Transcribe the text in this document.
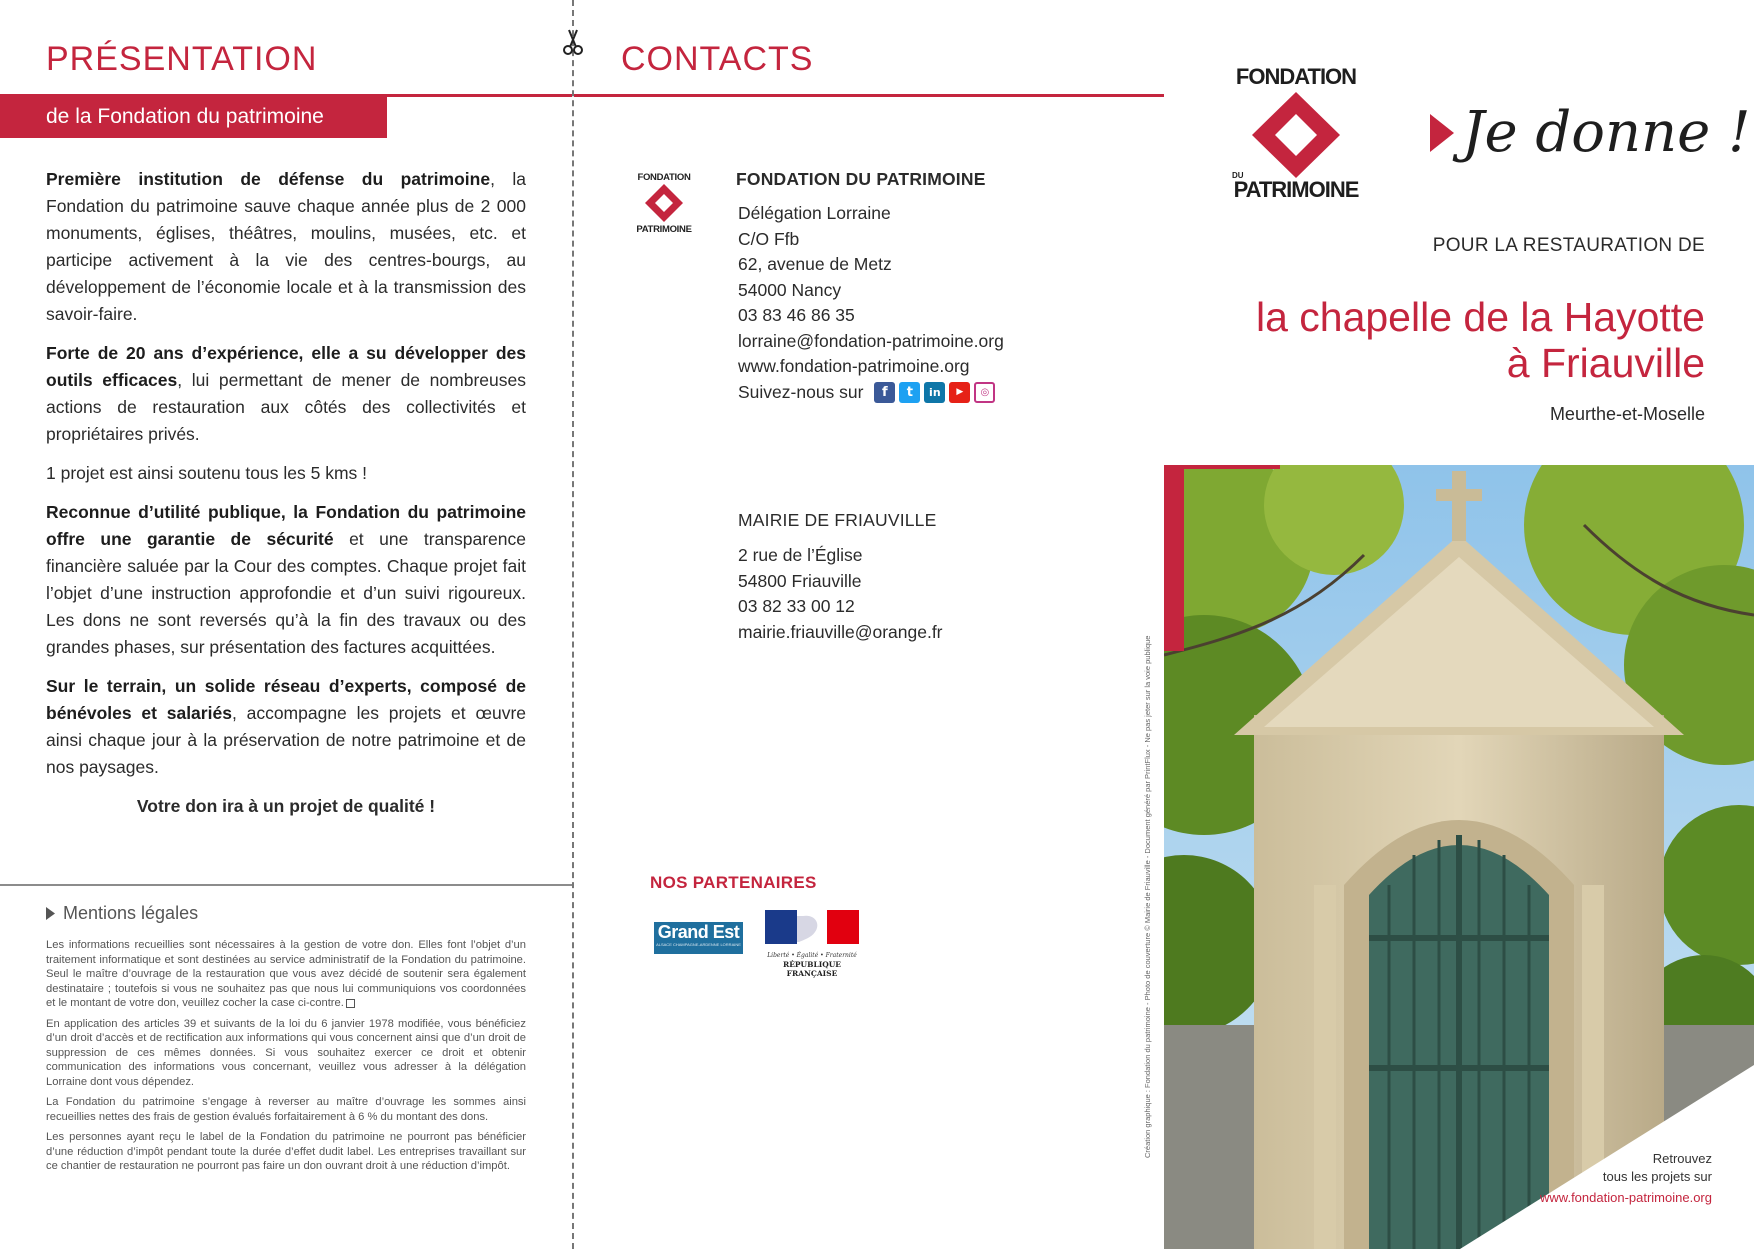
PRÉSENTATION
de la Fondation du patrimoine

Première institution de défense du patrimoine, la Fondation du patrimoine sauve chaque année plus de 2 000 monuments, églises, théâtres, moulins, musées, etc. et participe activement à la vie des centres-bourgs, au développement de l’économie locale et à la transmission des savoir-faire.

Forte de 20 ans d’expérience, elle a su développer des outils efficaces, lui permettant de mener de nombreuses actions de restauration aux côtés des collectivités et propriétaires privés.

1 projet est ainsi soutenu tous les 5 kms !

Reconnue d’utilité publique, la Fondation du patrimoine offre une garantie de sécurité et une transparence financière saluée par la Cour des comptes. Chaque projet fait l’objet d’une instruction approfondie et d’un suivi rigoureux. Les dons ne sont reversés qu’à la fin des travaux ou des grandes phases, sur présentation des factures acquittées.

Sur le terrain, un solide réseau d’experts, composé de bénévoles et salariés, accompagne les projets et œuvre ainsi chaque jour à la préservation de notre patrimoine et de nos paysages.

Votre don ira à un projet de qualité !

Mentions légales

Les informations recueillies sont nécessaires à la gestion de votre don. Elles font l’objet d’un traitement informatique et sont destinées au service administratif de la Fondation du patrimoine. Seul le maître d’ouvrage de la restauration que vous avez décidé de soutenir sera également destinataire ; toutefois si vous ne souhaitez pas que nous lui communiquions vos coordonnées et le montant de votre don, veuillez cocher la case ci-contre.

En application des articles 39 et suivants de la loi du 6 janvier 1978 modifiée, vous bénéficiez d’un droit d’accès et de rectification aux informations qui vous concernent ainsi que d’un droit de suppression de ces mêmes données. Si vous souhaitez exercer ce droit et obtenir communication des informations vous concernant, veuillez vous adresser à la délégation Lorraine dont vous dépendez.

La Fondation du patrimoine s’engage à reverser au maître d’ouvrage les sommes ainsi recueillies nettes des frais de gestion évalués forfaitairement à 6 % du montant des dons.

Les personnes ayant reçu le label de la Fondation du patrimoine ne pourront pas bénéficier d’une réduction d’impôt pendant toute la durée d’effet dudit label. Les entreprises travaillant sur ce chantier de restauration ne pourront pas faire un don ouvrant droit à une réduction d’impôt.

CONTACTS
FONDATION
PATRIMOINE
FONDATION DU PATRIMOINE
Délégation Lorraine
C/O Ffb
62, avenue de Metz
54000 Nancy
03 83 46 86 35
lorraine@fondation-patrimoine.org
www.fondation-patrimoine.org
Suivez-nous sur	f	t	in	▶	◎
MAIRIE DE FRIAUVILLE
2 rue de l’Église
54800 Friauville
03 82 33 00 12
mairie.friauville@orange.fr
NOS PARTENAIRES
Grand Est
ALSACE CHAMPAGNE-ARDENNE LORRAINE
Liberté • Égalité • Fraternité
RÉPUBLIQUE FRANÇAISE
FONDATION
DU
PATRIMOINE
Je donne !
POUR LA RESTAURATION DE
la chapelle de la Hayotte
à Friauville
Meurthe-et-Moselle
Création graphique : Fondation du patrimoine - Photo de couverture © Mairie de Friauville - Document généré par PrintFlux - Ne pas jeter sur la voie publique
Retrouvez
tous les projets sur
www.fondation-patrimoine.org
